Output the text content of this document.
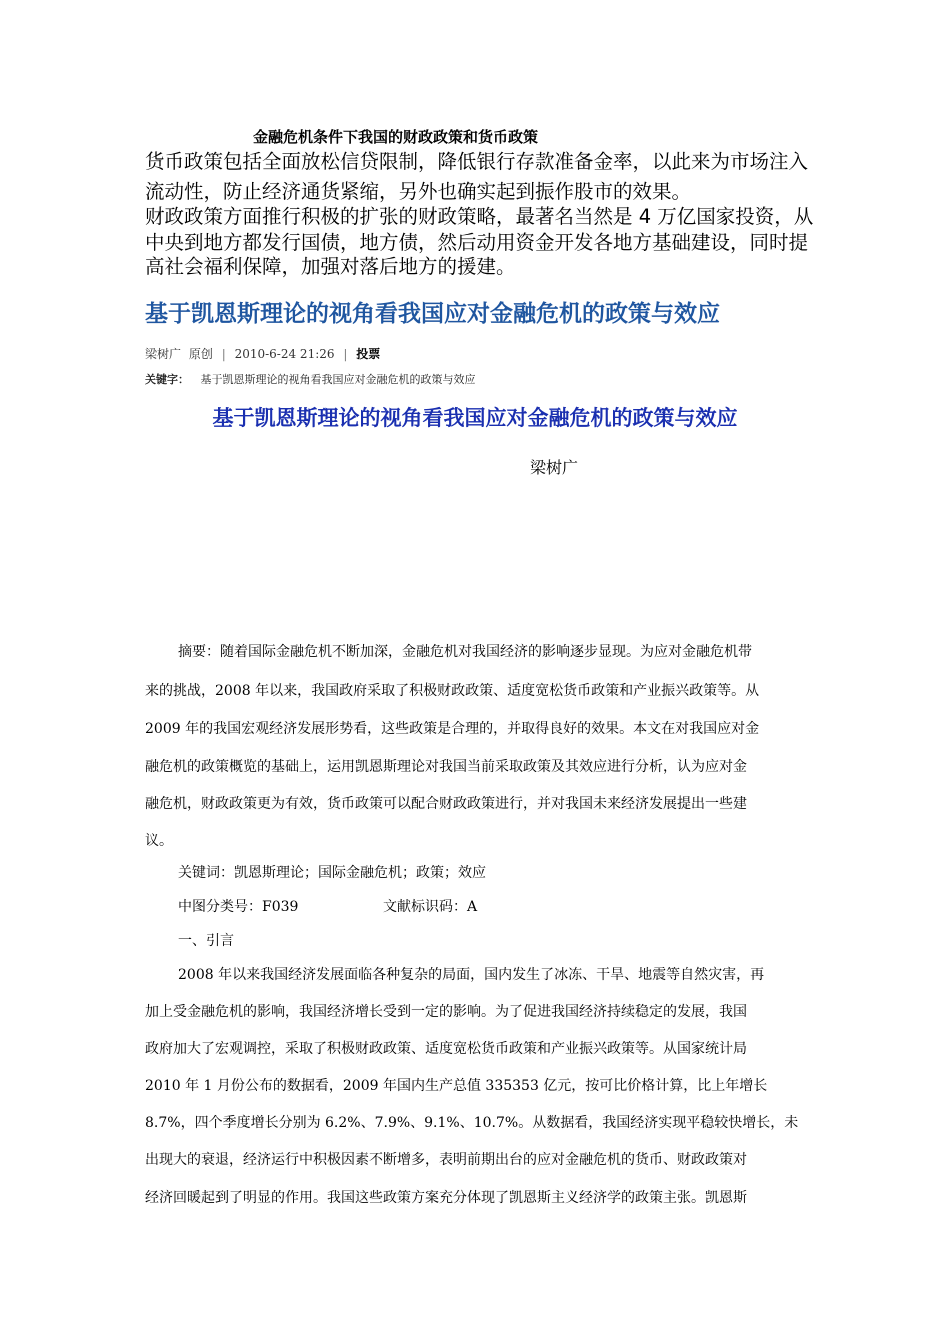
金融危机条件下我国的财政政策和货币政策
货币政策包括全面放松信贷限制，降低银行存款准备金率，以此来为市场注入
流动性，防止经济通货紧缩，另外也确实起到振作股市的效果。
财政政策方面推行积极的扩张的财政策略，最著名当然是 4 万亿国家投资，从
中央到地方都发行国债，地方债，然后动用资金开发各地方基础建设，同时提
高社会福利保障，加强对落后地方的援建。
基于凯恩斯理论的视角看我国应对金融危机的政策与效应
梁树广 原创 | 2010-6-24 21:26 | 投票
关键字： 基于凯恩斯理论的视角看我国应对金融危机的政策与效应
基于凯恩斯理论的视角看我国应对金融危机的政策与效应
梁树广
摘要：随着国际金融危机不断加深，金融危机对我国经济的影响逐步显现。为应对金融危机带
来的挑战，2008 年以来，我国政府采取了积极财政政策、适度宽松货币政策和产业振兴政策等。从
2009 年的我国宏观经济发展形势看，这些政策是合理的，并取得良好的效果。本文在对我国应对金
融危机的政策概览的基础上，运用凯恩斯理论对我国当前采取政策及其效应进行分析，认为应对金
融危机，财政政策更为有效，货币政策可以配合财政政策进行，并对我国未来经济发展提出一些建
议。
关键词：凯恩斯理论；国际金融危机；政策；效应
中图分类号：F039	文献标识码：A
一、引言
2008 年以来我国经济发展面临各种复杂的局面，国内发生了冰冻、干旱、地震等自然灾害，再
加上受金融危机的影响，我国经济增长受到一定的影响。为了促进我国经济持续稳定的发展，我国
政府加大了宏观调控，采取了积极财政政策、适度宽松货币政策和产业振兴政策等。从国家统计局
2010 年 1 月份公布的数据看，2009 年国内生产总值 335353 亿元，按可比价格计算，比上年增长
8.7%，四个季度增长分别为 6.2%、7.9%、9.1%、10.7%。从数据看，我国经济实现平稳较快增长，未
出现大的衰退，经济运行中积极因素不断增多，表明前期出台的应对金融危机的货币、财政政策对
经济回暖起到了明显的作用。我国这些政策方案充分体现了凯恩斯主义经济学的政策主张。凯恩斯
